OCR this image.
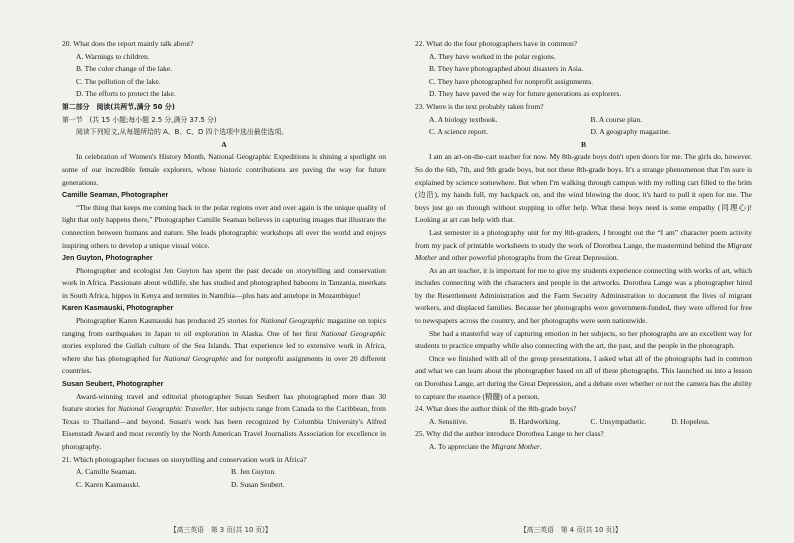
20. What does the report mainly talk about?

A. Warnings to children.

B. The color change of the lake.

C. The pollution of the lake.

D. The efforts to protect the lake.

第二部分　阅读(共两节,满分 50 分)

第一节　(共 15 小题;每小题 2.5 分,满分 37.5 分)

阅读下列短文,从每题所给的 A、B、C、D 四个选项中选出最佳选项。

A

In celebration of Women's History Month, National Geographic Expeditions is shining a spotlight on some of our incredible female explorers, whose historic contributions are paving the way for future generations.

Camille Seaman, Photographer

“The thing that keeps me coming back to the polar regions over and over again is the unique quality of light that only happens there,” Photographer Camille Seaman believes in capturing images that illustrate the connection between humans and nature. She leads photographic workshops all over the world and enjoys inspiring others to develop a unique visual voice.

Jen Guyton, Photographer

Photographer and ecologist Jen Guyton has spent the past decade on storytelling and conservation work in Africa. Passionate about wildlife, she has studied and photographed baboons in Tanzania, meerkats in South Africa, hippos in Kenya and termites in Namibia—plus bats and antelope in Mozambique!

Karen Kasmauski, Photographer

Photographer Karen Kasmauski has produced 25 stories for National Geographic magazine on topics ranging from earthquakes in Japan to oil exploration in Alaska. One of her first National Geographic stories explored the Gullah culture of the Sea Islands. That experience led to extensive work in Africa, where she has photographed for National Geographic and for nonprofit assignments in over 20 different countries.

Susan Seubert, Photographer

Award-winning travel and editorial photographer Susan Seubert has photographed more than 30 feature stories for National Geographic Traveller. Her subjects range from Canada to the Caribbean, from Texas to Thailand—and beyond. Susan's work has been recognized by Columbia University's Alfred Eisenstadt Award and most recently by the North American Travel Journalists Association for excellence in photography.

21. Which photographer focuses on storytelling and conservation work in Africa?

A. Camille Seaman.	B. Jen Guyton.
C. Karen Kasmauski.	D. Susan Seubert.

22. What do the four photographers have in common?

A. They have worked in the polar regions.

B. They have photographed about disasters in Asia.

C. They have photographed for nonprofit assignments.

D. They have paved the way for future generations as explorers.

23. Where is the text probably taken from?

A. A biology textbook.	B. A course plan.
C. A science report.	D. A geography magazine.

B

I am an art-on-the-cart teacher for now. My 8th-grade boys don't open doors for me. The girls do, however. So do the 6th, 7th, and 9th grade boys, but not these 8th-grade boys. It's a strange phenomenon that I'm sure is explained by science somewhere. But when I'm walking through campus with my rolling cart filled to the brim (边沿), my hands full, my backpack on, and the wind blowing the door, it's hard to pull it open for me. The boys just go on through without stopping to offer help. What these boys need is some empathy (同理心)! Looking at art can help with that.

Last semester in a photography unit for my 8th-graders, I brought out the “I am” character poem activity from my pack of printable worksheets to study the work of Dorothea Lange, the mastermind behind the Migrant Mother and other powerful photographs from the Great Depression.

As an art teacher, it is important for me to give my students experience connecting with works of art, which includes connecting with the characters and people in the artworks. Dorothea Lange was a photographer hired by the Resettlement Administration and the Farm Security Administration to document the lives of migrant workers, and displaced families. Because her photographs were government-funded, they were offered for free to newspapers across the country, and her photographs were seen nationwide.

She had a masterful way of capturing emotion in her subjects, so her photographs are an excellent way for students to practice empathy while also connecting with the art, the past, and the people in the photograph.

Once we finished with all of the group presentations, I asked what all of the photographs had in common and what we can learn about the photographer based on all of these photographs. This launched us into a lesson on Dorothea Lange, art during the Great Depression, and a debate over whether or not the camera has the ability to capture the essence (精髓) of a person.

24. What does the author think of the 8th-grade boys?

A. Sensitive.	B. Hardworking.	C. Unsympathetic.	D. Hopeless.

25. Why did the author introduce Dorothea Lange to her class?

A. To appreciate the Migrant Mother.

【高三英语　第 3 页(共 10 页)】	【高三英语　第 4 页(共 10 页)】
